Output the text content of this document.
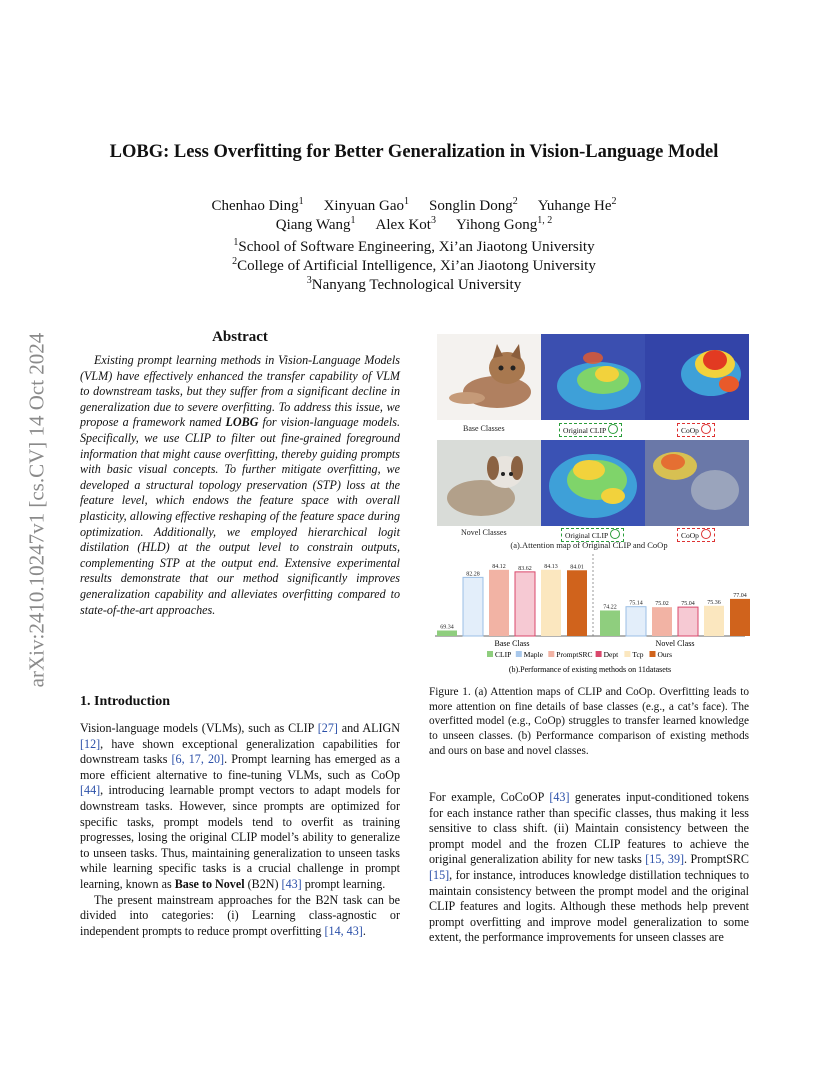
arXiv:2410.10247v1 [cs.CV] 14 Oct 2024
LOBG: Less Overfitting for Better Generalization in Vision-Language Model
Chenhao Ding$^1$ Xinyuan Gao$^1$ Songlin Dong$^2$ Yuhange He$^2$
Qiang Wang$^1$ Alex Kot$^3$ Yihong Gong$^{1, 2}$
$^1$School of Software Engineering, Xi’an Jiaotong University
$^2$College of Artificial Intelligence, Xi’an Jiaotong University
$^3$Nanyang Technological University
Abstract

Existing prompt learning methods in Vision-Language Models (VLM) have effectively enhanced the transfer capability of VLM to downstream tasks, but they suffer from a significant decline in generalization due to severe overfitting. To address this issue, we propose a framework named LOBG for vision-language models. Specifically, we use CLIP to filter out fine-grained foreground information that might cause overfitting, thereby guiding prompts with basic visual concepts. To further mitigate overfitting, we developed a structural topology preservation (STP) loss at the feature level, which endows the feature space with overall plasticity, allowing effective reshaping of the feature space during optimization. Additionally, we employed hierarchical logit distilation (HLD) at the output level to constrain outputs, complementing STP at the output end. Extensive experimental results demonstrate that our method significantly improves generalization capability and alleviates overfitting compared to state-of-the-art approaches.

1. Introduction

Vision-language models (VLMs), such as CLIP [27] and ALIGN [12], have shown exceptional generalization capabilities for downstream tasks [6, 17, 20]. Prompt learning has emerged as a more efficient alternative to fine-tuning VLMs, such as CoOp [44], introducing learnable prompt vectors to adapt models for downstream tasks. However, since prompts are optimized for specific tasks, prompt models tend to overfit as training progresses, losing the original CLIP model’s ability to generalize to unseen tasks. Thus, maintaining generalization to unseen tasks while learning specific tasks is a crucial challenge in prompt learning, known as Base to Novel (B2N) [43] prompt learning.

The present mainstream approaches for the B2N task can be divided into categories: (i) Learning class-agnostic or independent prompts to reduce prompt overfitting [14, 43].

For example, CoCoOP [43] generates input-conditioned tokens for each instance rather than specific classes, thus making it less sensitive to class shift. (ii) Maintain consistency between the prompt model and the frozen CLIP features to achieve the original generalization ability for new tasks [15, 39]. PromptSRC [15], for instance, introduces knowledge distillation techniques to maintain consistency between the prompt model and the original CLIP features and logits. Although these methods help prevent prompt overfitting and improve model generalization to some extent, the performance improvements for unseen classes are

Base Classes	Original CLIP	CoOp
Novel Classes	Original CLIP	CoOp
(a).Attention map of Original CLIP and CoOp
69.34
82.28
84.12 83.62 84.13 84.01
Base Class
74.22
75.14 75.02 75.04 75.36
77.04
Novel Class
CLIP Maple PromptSRC Dept Tcp Ours
(b).Performance of existing methods on 11datasets
Figure 1. (a) Attention maps of CLIP and CoOp. Overfitting leads to more attention on fine details of base classes (e.g., a cat’s face). The overfitted model (e.g., CoOp) struggles to transfer learned knowledge to unseen classes. (b) Performance comparison of existing methods and ours on base and novel classes.
